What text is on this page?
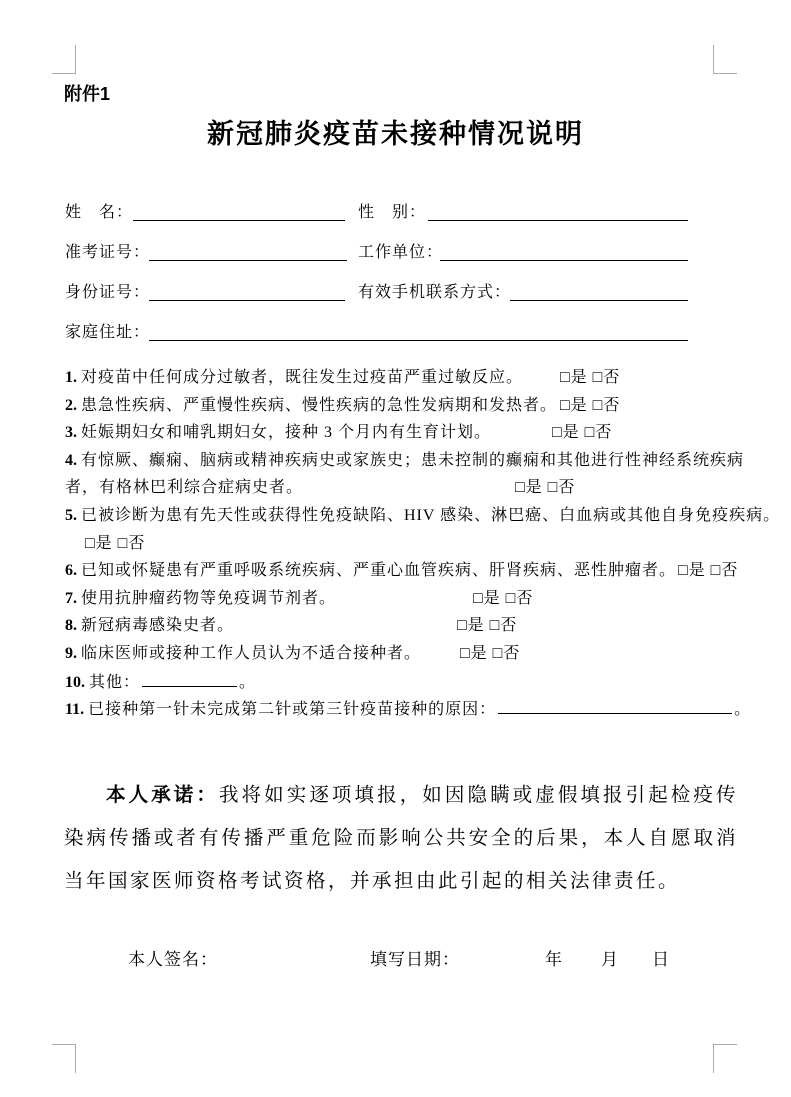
附件1
新冠肺炎疫苗未接种情况说明
姓　名：	性　别：
准考证号：	工作单位：
身份证号：	有效手机联系方式：
家庭住址：
1. 对疫苗中任何成分过敏者，既往发生过疫苗严重过敏反应。 □是 □否
2. 患急性疾病、严重慢性疾病、慢性疾病的急性发病期和发热者。 □是 □否
3. 妊娠期妇女和哺乳期妇女，接种 3 个月内有生育计划。	□是 □否
4. 有惊厥、癫痫、脑病或精神疾病史或家族史；患未控制的癫痫和其他进行性神经系统疾病
者，有格林巴利综合症病史者。	□是 □否
5. 已被诊断为患有先天性或获得性免疫缺陷、HIV 感染、淋巴癌、白血病或其他自身免疫疾病。
□是 □否
6. 已知或怀疑患有严重呼吸系统疾病、严重心血管疾病、肝肾疾病、恶性肿瘤者。 □是 □否
7. 使用抗肿瘤药物等免疫调节剂者。	□是 □否
8. 新冠病毒感染史者。	□是 □否
9. 临床医师或接种工作人员认为不适合接种者。 □是 □否
10. 其他：	。
11. 已接种第一针未完成第二针或第三针疫苗接种的原因：	。
本人承诺：我将如实逐项填报，如因隐瞒或虚假填报引起检疫传染病传播或者有传播严重危险而影响公共安全的后果，本人自愿取消当年国家医师资格考试资格，并承担由此引起的相关法律责任。
本人签名：	填写日期：	年 月 日
